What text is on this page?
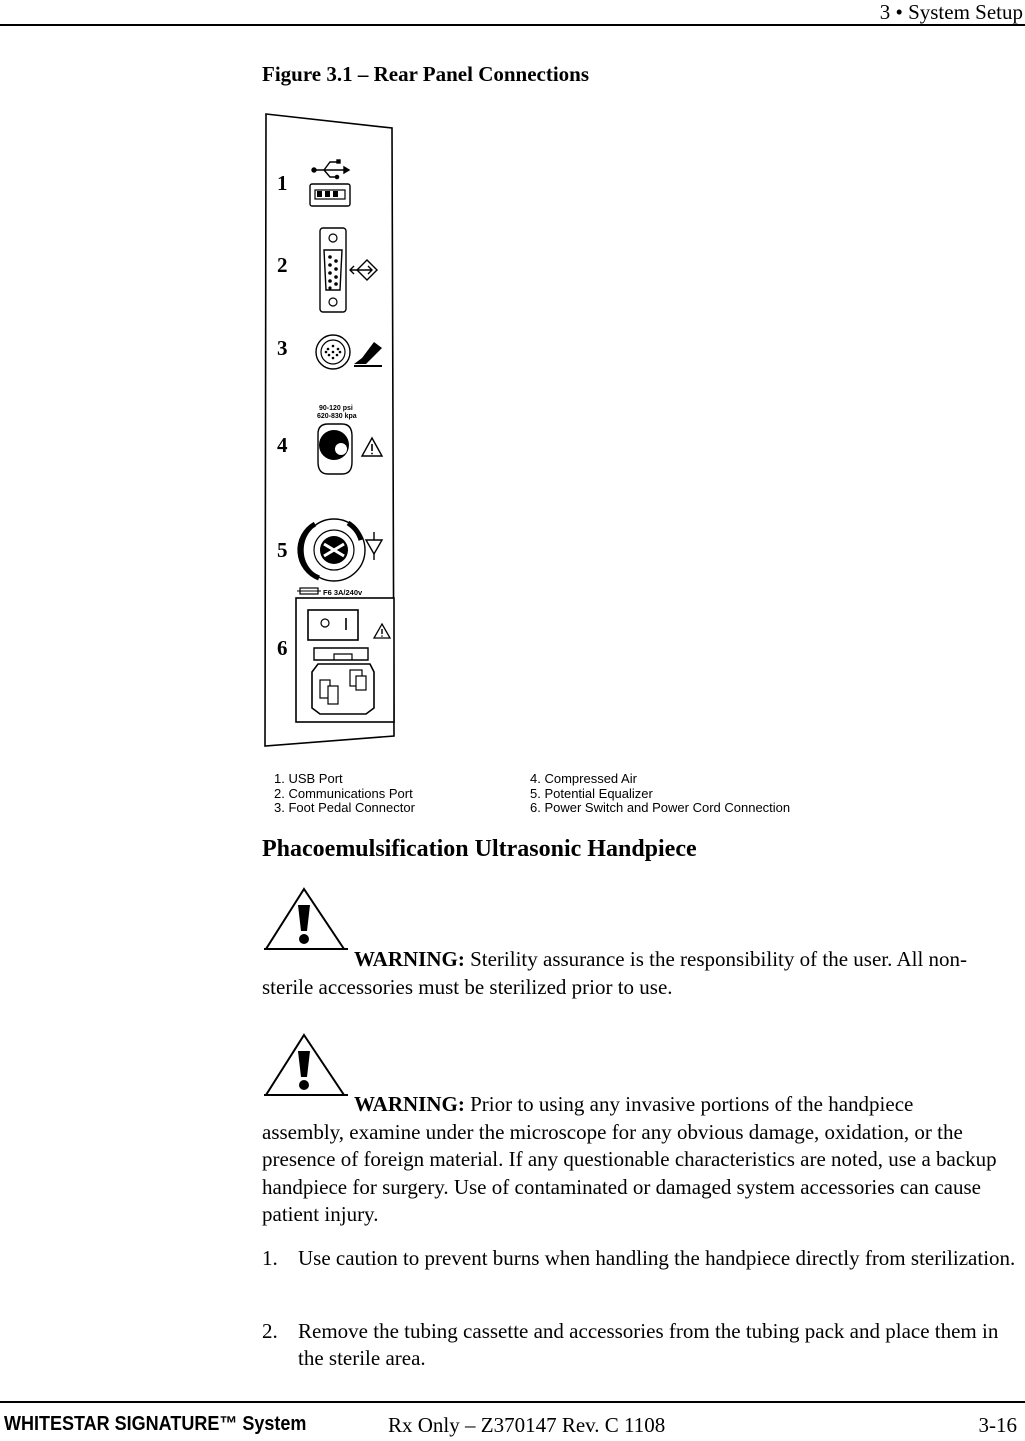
3 • System Setup
Figure 3.1 – Rear Panel Connections
1
2
3
4
5
6
90-120 psi
620-830 kpa
F6 3A/240v
1. USB Port
2. Communications Port
3. Foot Pedal Connector
4. Compressed Air
5. Potential Equalizer
6. Power Switch and Power Cord Connection
Phacoemulsification Ultrasonic Handpiece
WARNING: Sterility assurance is the responsibility of the user. All non-
sterile accessories must be sterilized prior to use.
WARNING: Prior to using any invasive portions of the handpiece
assembly, examine under the microscope for any obvious damage, oxidation, or the presence of foreign material. If any questionable characteristics are noted, use a backup handpiece for surgery. Use of contaminated or damaged system accessories can cause patient injury.
1. Use caution to prevent burns when handling the handpiece directly from sterilization.
2. Remove the tubing cassette and accessories from the tubing pack and place them in the sterile area.
WHITESTAR SIGNATURE™ System	Rx Only – Z370147 Rev. C 1108	3-16
